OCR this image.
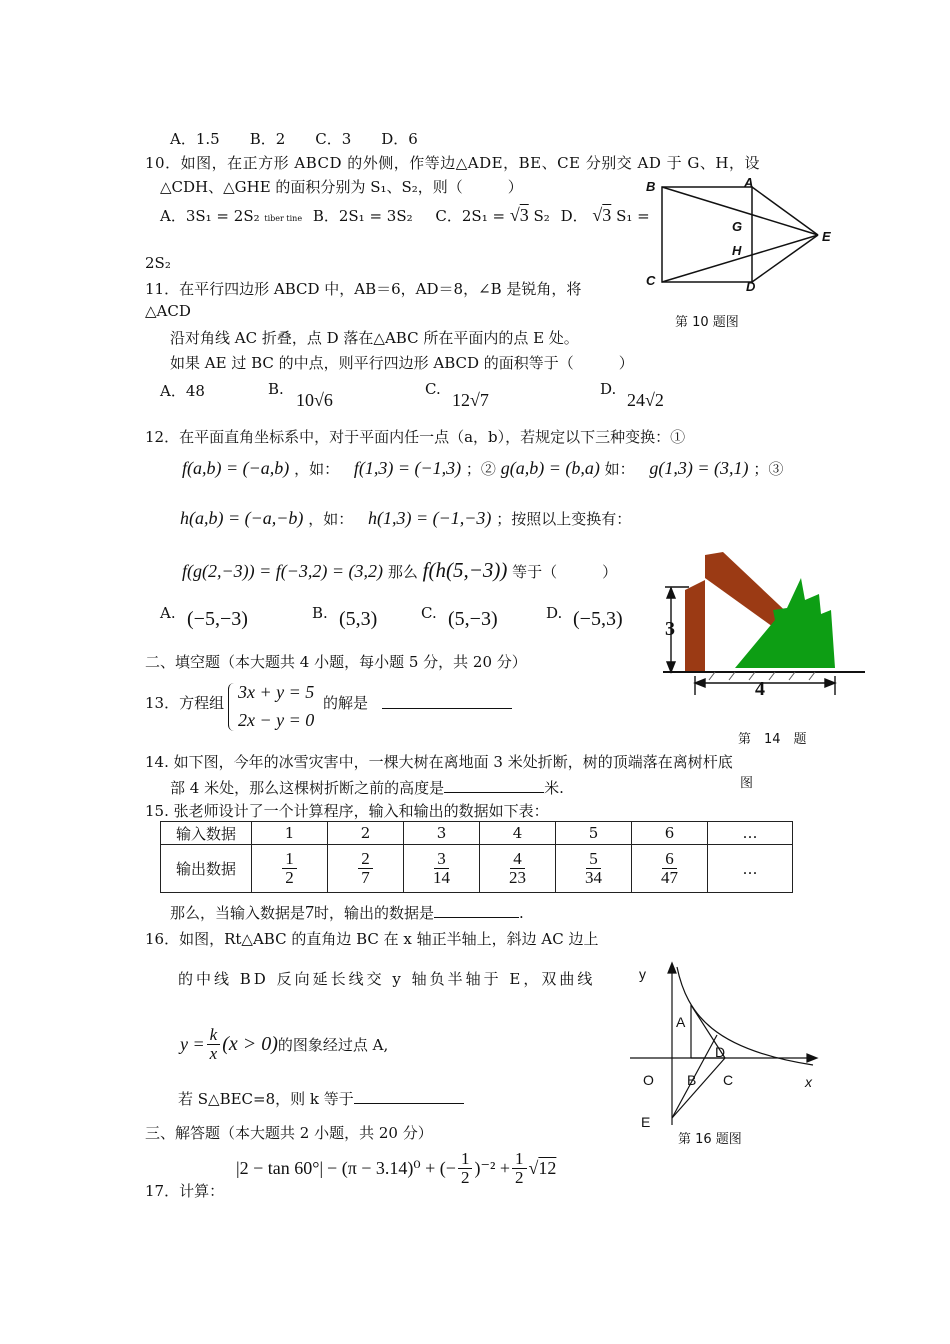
A．1.5　　B．2　　C．3　　D．6
10．如图，在正方形 ABCD 的外侧，作等边△ADE，BE、CE 分别交 AD 于 G、H，设
△CDH、△GHE 的面积分别为 S₁、S₂，则（　　　）
A．3S₁ = 2S₂ tiber tine B．2S₁ = 3S₂ C．2S₁ = √3 S₂ D． √3 S₁ =
2S₂
B	A
G
H
E
C	D
第 10 题图
11．在平行四边形 ABCD 中，AB＝6，AD＝8，∠B 是锐角，将
△ACD
沿对角线 AC 折叠，点 D 落在△ABC 所在平面内的点 E 处。
如果 AE 过 BC 的中点，则平行四边形 ABCD 的面积等于（　　　）
A．48	B.
10√6
C.
12√7
D.
24√2
12．在平面直角坐标系中，对于平面内任一点（a，b），若规定以下三种变换：①
f(a,b) = (−a,b) ，如： f(1,3) = (−1,3) ；② g(a,b) = (b,a) 如： g(1,3) = (3,1) ；③
h(a,b) = (−a,−b) ，如： h(1,3) = (−1,−3) ；按照以上变换有：
f(g(2,−3)) = f(−3,2) = (3,2) 那么 f(h(5,−3)) 等于（　　　）
A. (−5,−3)	B. (5,3)	C. (5,−3)	D. (−5,3) 3
4
二、填空题（本大题共 4 小题，每小题 5 分，共 20 分）
13．方程组
3x + y = 5
2x − y = 0
的解是
第　14　题
14. 如下图，今年的冰雪灾害中，一棵大树在离地面 3 米处折断，树的顶端落在离树杆底
图
部 4 米处，那么这棵树折断之前的高度是	米.
15. 张老师设计了一个计算程序，输入和输出的数据如下表：
输入数据	1	2	3	4	5	6	…
输出数据	$\frac{1}{2}$	$\frac{2}{7}$	$\frac{3}{14}$	$\frac{4}{23}$	$\frac{5}{34}$	$\frac{6}{47}$	…
那么，当输入数据是7时，输出的数据是	.
16．如图，Rt△ABC 的直角边 BC 在 x 轴正半轴上，斜边 AC 边上
的中线 BD 反向延长线交 y 轴负半轴于 E，双曲线
$y = \frac{k}{x} (x > 0)$ 的图象经过点 A,
若 S△BEC=8，则 k 等于
y
x
A
D
O B C
E
第 16 题图
三、解答题（本大题共 2 小题，共 20 分）
17．计算：
|2 − tan 60°| − (π − 3.14)⁰ + (− $\frac{1}{2} )^{-2} + \frac{1}{2} √12$
